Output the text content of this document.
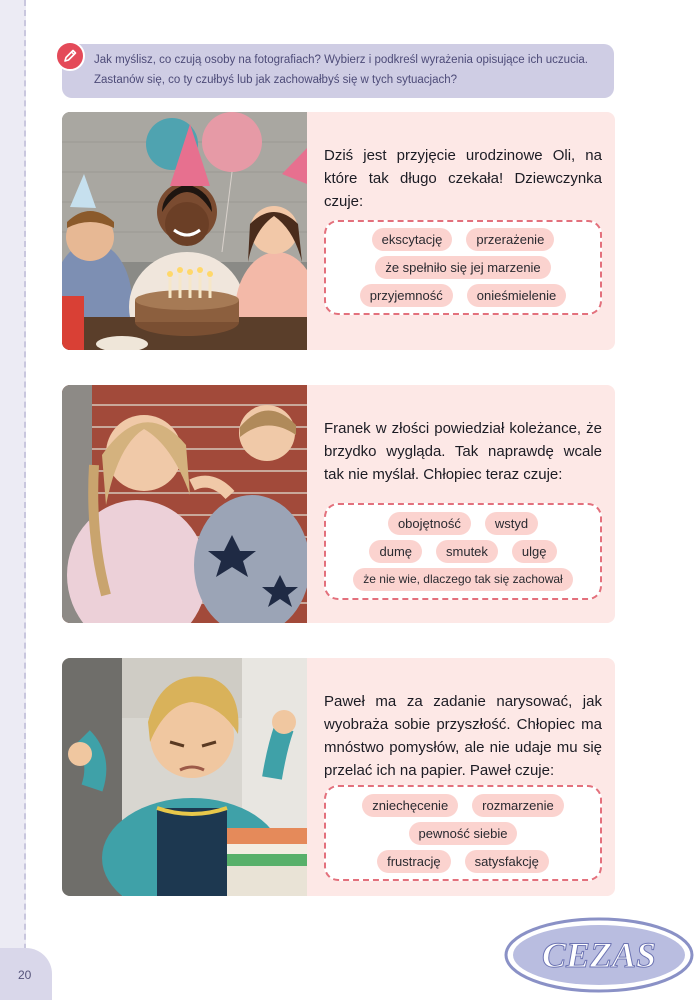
20
Jak myślisz, co czują osoby na fotografiach? Wybierz i podkreśl wyrażenia opisujące ich uczucia. Zastanów się, co ty czułbyś lub jak zachowałbyś się w tych sytuacjach?
Dziś jest przyjęcie urodzinowe Oli, na które tak długo czekała! Dziewczynka czuje:
ekscytację	przerażenie
że spełniło się jej marzenie
przyjemność	onieśmielenie
Franek w złości powiedział koleżance, że brzydko wygląda. Tak naprawdę wcale tak nie myślał. Chłopiec teraz czuje:
obojętność	wstyd
dumę	smutek	ulgę
że nie wie, dlaczego tak się zachował
Paweł ma za zadanie narysować, jak wyobraża sobie przyszłość. Chłopiec ma mnóstwo pomysłów, ale nie udaje mu się przelać ich na papier. Paweł czuje:
zniechęcenie	rozmarzenie
pewność siebie
frustrację	satysfakcję
CEZAS
